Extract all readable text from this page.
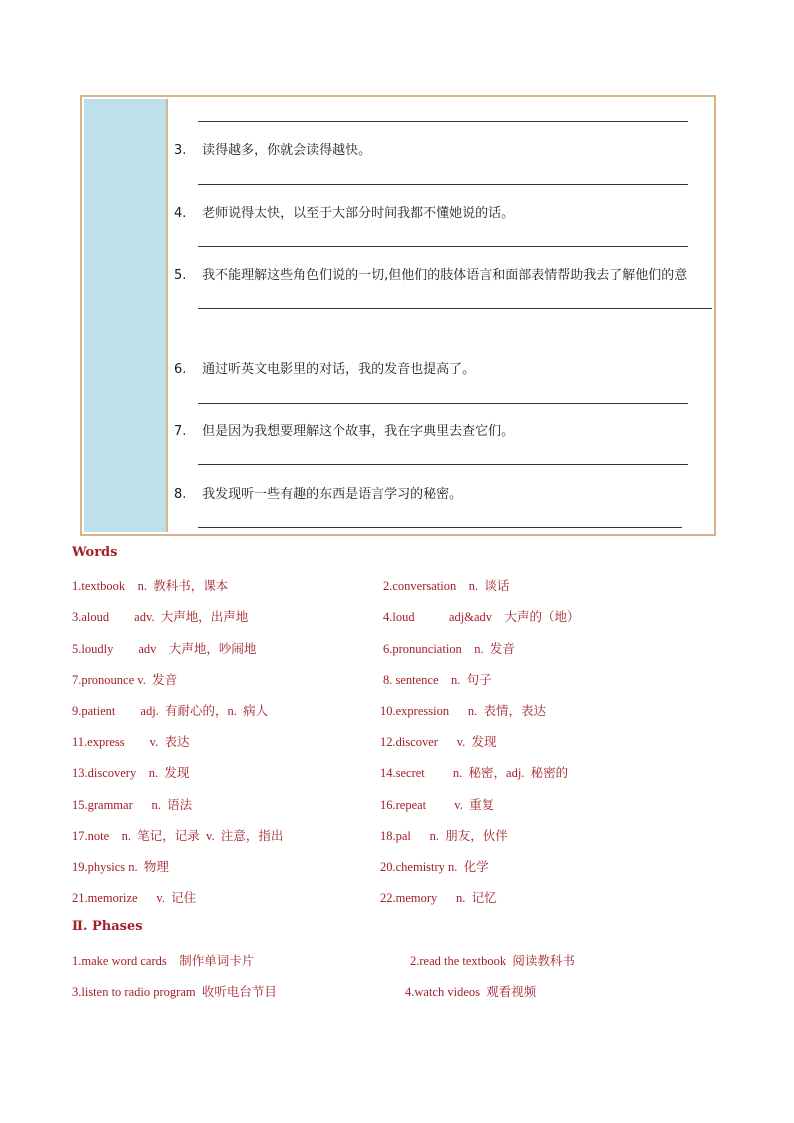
3. 读得越多，你就会读得越快。
4. 老师说得太快，以至于大部分时间我都不懂她说的话。
5. 我不能理解这些角色们说的一切,但他们的肢体语言和面部表情帮助我去了解他们的意
6. 通过听英文电影里的对话，我的发音也提高了。
7. 但是因为我想要理解这个故事，我在字典里去查它们。
8. 我发现听一些有趣的东西是语言学习的秘密。
Words
1.textbook    n.  教科书，课本	2.conversation    n.  谈话
3.aloud        adv.  大声地，出声地	4.loud           adj&adv    大声的（地）
5.loudly        adv    大声地，吵闹地	6.pronunciation    n.  发音
7.pronounce v.  发音	8. sentence    n.  句子
9.patient        adj.  有耐心的，n.  病人	10.expression      n.  表情，表达
11.express        v.  表达	12.discover      v.  发现
13.discovery    n.  发现	14.secret         n.  秘密，adj.  秘密的
15.grammar      n.  语法	16.repeat         v.  重复
17.note    n.  笔记，记录  v.  注意，指出	18.pal      n.  朋友，伙伴
19.physics n.  物理	20.chemistry n.  化学
21.memorize      v.  记住	22.memory      n.  记忆
Ⅱ. Phases
1.make word cards    制作单词卡片	2.read the textbook  阅读教科书
3.listen to radio program  收听电台节目	4.watch videos  观看视频
